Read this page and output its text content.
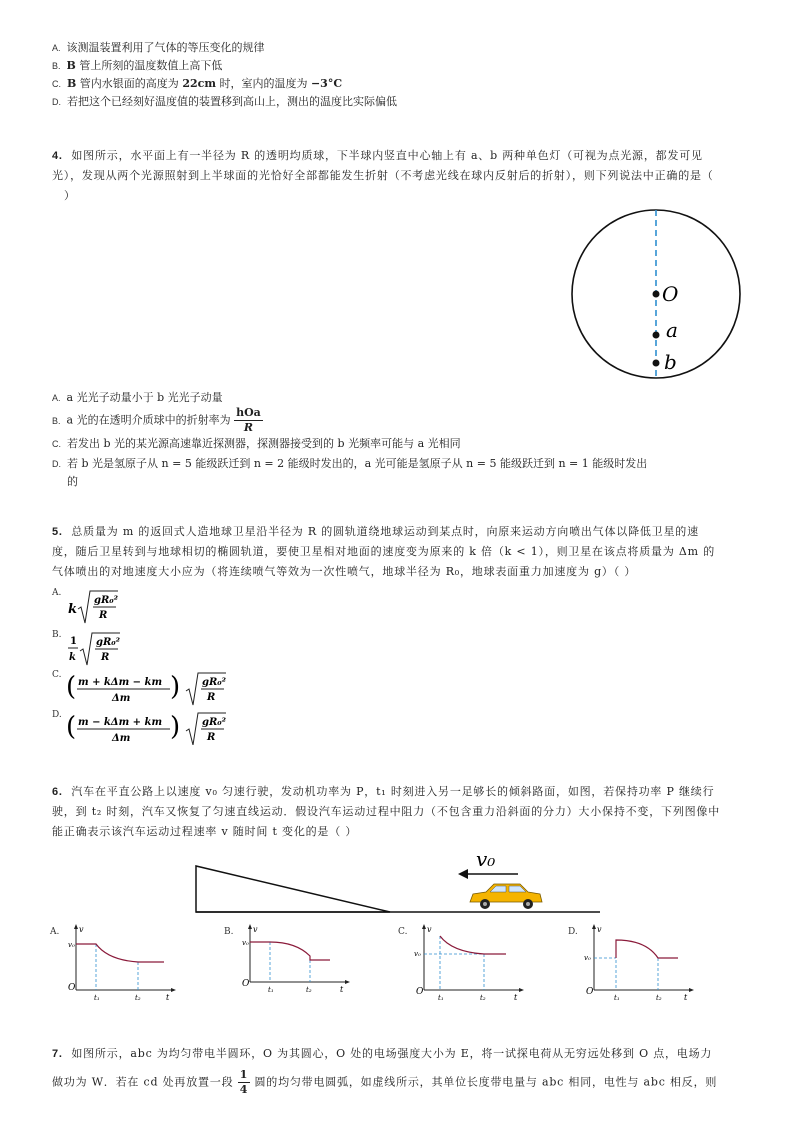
A. 该测温装置利用了气体的等压变化的规律
B. B 管上所刻的温度数值上高下低
C. B 管内水银面的高度为 22cm 时，室内的温度为 −3°C
D. 若把这个已经刻好温度值的装置移到高山上，测出的温度比实际偏低
4. 如图所示，水平面上有一半径为 R 的透明均质球，下半球内竖直中心轴上有 a、b 两种单色灯（可视为点光源，都发可见
光），发现从两个光源照射到上半球面的光恰好全部都能发生折射（不考虑光线在球内反射后的折射），则下列说法中正确的是（
）
O
a
b
A. a 光光子动量小于 b 光光子动量
B. a 光的在透明介质球中的折射率为 $\frac{\text{hOa}}{R}$
C. 若发出 b 光的某光源高速靠近探测器，探测器接受到的 b 光频率可能与 a 光相同
D. 若 b 光是氢原子从 n = 5 能级跃迁到 n = 2 能级时发出的，a 光可能是氢原子从 n = 5 能级跃迁到 n = 1 能级时发出
的
5. 总质量为 m 的返回式人造地球卫星沿半径为 R 的圆轨道绕地球运动到某点时，向原来运动方向喷出气体以降低卫星的速
度，随后卫星转到与地球相切的椭圆轨道，要使卫星相对地面的速度变为原来的 k 倍（k < 1），则卫星在该点将质量为 Δm 的
气体喷出的对地速度大小应为（将连续喷气等效为一次性喷气，地球半径为 R₀，地球表面重力加速度为 g）（ ）
A.
k
gR₀²
R
B.
1
k
gR₀²
R
C. ( m + kΔm − km
Δm ) gR₀²
R
D. ( m − kΔm + km
Δm ) gR₀²
R
6. 汽车在平直公路上以速度 v₀ 匀速行驶，发动机功率为 P，t₁ 时刻进入另一足够长的倾斜路面，如图，若保持功率 P 继续行
驶，到 t₂ 时刻，汽车又恢复了匀速直线运动．假设汽车运动过程中阻力（不包含重力沿斜面的分力）大小保持不变，下列图像中
能正确表示该汽车运动过程速率 v 随时间 t 变化的是（ ）
v₀
A. v
v₀
O
t₁	t₂	t
B. v
v₀
O
t₁	t₂	t
C. v
v₀
O
t₁	t₂	t
D. v
v₀
O
t₁	t₂	t
7. 如图所示，abc 为均匀带电半圆环，O 为其圆心，O 处的电场强度大小为 E，将一试探电荷从无穷远处移到 O 点，电场力
做功为 W．若在 cd 处再放置一段 $\frac{1}{4}$ 圆的均匀带电圆弧，如虚线所示，其单位长度带电量与 abc 相同，电性与 abc 相反，则
